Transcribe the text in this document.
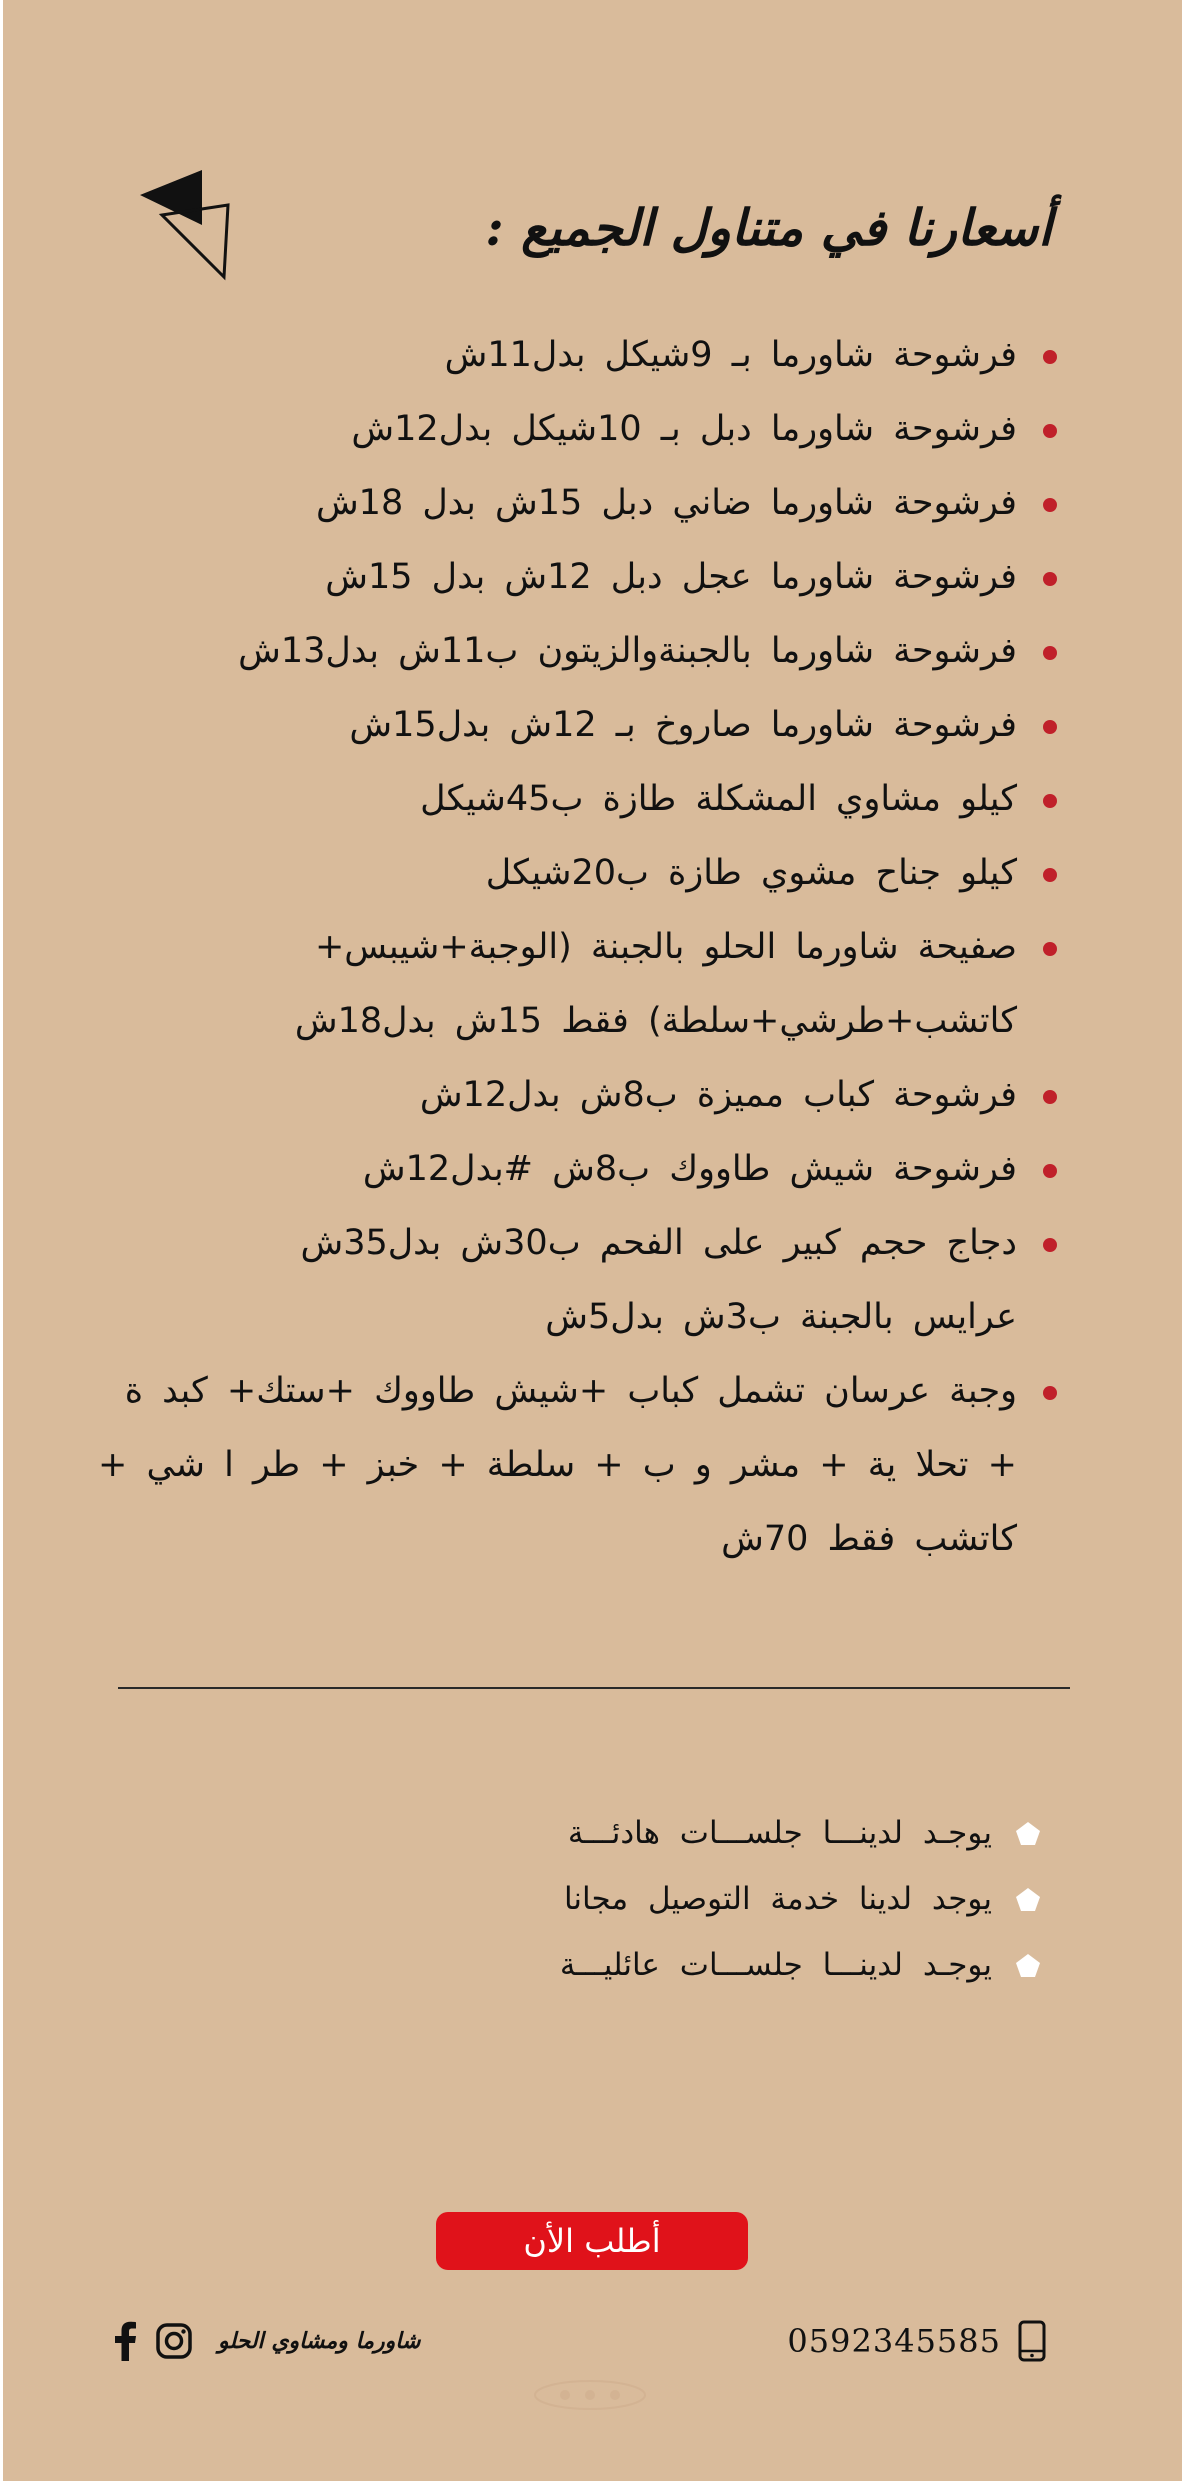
أسعارنا في متناول الجميع :
فرشوحة شاورما بـ 9شيكل بدل11ش
فرشوحة شاورما دبل بـ 10شيكل بدل12ش
فرشوحة شاورما ضاني دبل 15ش بدل 18ش
فرشوحة شاورما عجل دبل 12ش بدل 15ش
فرشوحة شاورما بالجبنةوالزيتون ب11ش بدل13ش
فرشوحة شاورما صاروخ بـ 12ش بدل15ش
كيلو مشاوي المشكلة طازة ب45شيكل
كيلو جناح مشوي طازة ب20شيكل
صفيحة شاورما الحلو بالجبنة (الوجبة+شيبس+ كاتشب+طرشي+سلطة) فقط 15ش بدل18ش
فرشوحة كباب مميزة ب8ش بدل12ش
فرشوحة شيش طاووك ب8ش #بدل12ش
دجاج حجم كبير على الفحم ب30ش بدل35ش
عرايس بالجبنة ب3ش بدل5ش
وجبة عرسان تشمل كباب +شيش طاووك +ستك+ كبد ة + تحلا ية + مشر و ب + سلطة + خبز + طر ا شي + كاتشب فقط 70ش
يوجـد لدينـــا جلســـات هادئـــة
يوجد لدينا خدمة التوصيل مجانا
يوجـد لدينـــا جلســـات عائليـــة
أطلب الأن
0592345585
شاورما ومشاوي الحلو
